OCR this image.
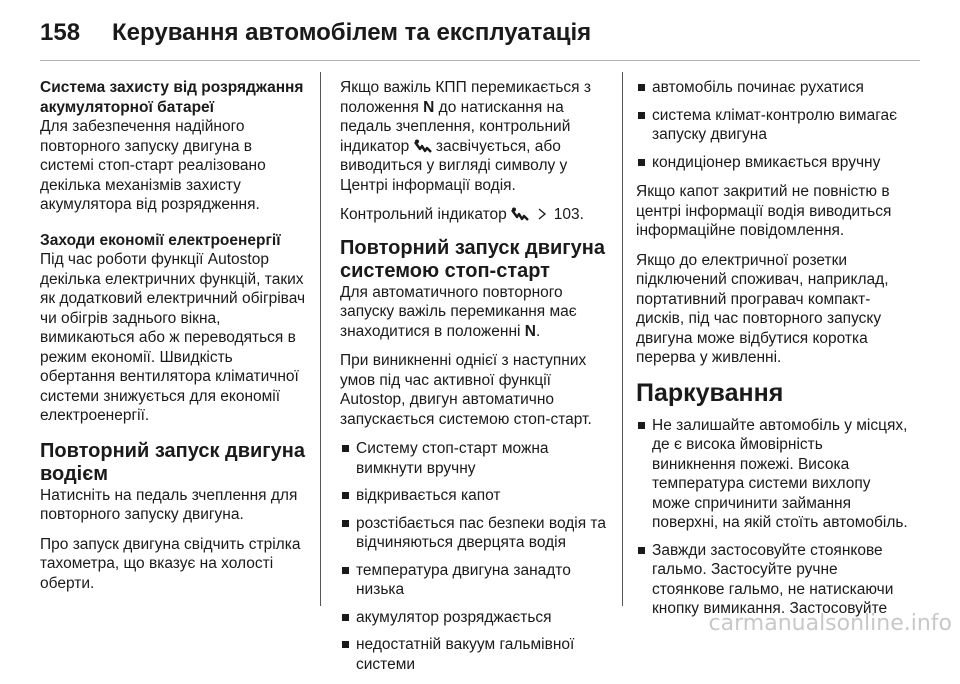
158	Керування автомобілем та експлуатація
Система захисту від розряджання
акумуляторної батареї

Для забезпечення надійного повторного запуску двигуна в системі стоп-старт реалізовано декілька механізмів захисту акумулятора від розрядження.

Заходи економії електроенергії

Під час роботи функції Autostop декілька електричних функцій, таких як додатковий електричний обігрівач чи обігрів заднього вікна, вимикаються або ж переводяться в режим економії. Швидкість обертання вентилятора кліматичної системи знижується для економії електроенергії.

Повторний запуск двигуна
водієм

Натисніть на педаль зчеплення для повторного запуску двигуна.

Про запуск двигуна свідчить стрілка тахометра, що вказує на холості оберти.

Якщо важіль КПП перемикається з положення N до натискання на педаль зчеплення, контрольний індикатор засвічується, або виводиться у вигляді символу у Центрі інформації водія.

Контрольний індикатор	103.

Повторний запуск двигуна
системою стоп-старт

Для автоматичного повторного запуску важіль перемикання має знаходитися в положенні N.

При виникненні однієї з наступних умов під час активної функції Autostop, двигун автоматично запускається системою стоп-старт.

Систему стоп-старт можна вимкнути вручну
відкривається капот
розстібається пас безпеки водія та відчиняються дверцята водія
температура двигуна занадто низька
акумулятор розряджається
недостатній вакуум гальмівної системи
автомобіль починає рухатися
система клімат-контролю вимагає запуску двигуна
кондиціонер вмикається вручну

Якщо капот закритий не повністю в центрі інформації водія виводиться інформаційне повідомлення.

Якщо до електричної розетки підключений споживач, наприклад, портативний програвач компакт-дисків, під час повторного запуску двигуна може відбутися коротка перерва у живленні.

Паркування
Не залишайте автомобіль у місцях, де є висока ймовірність виникнення пожежі. Висока температура системи вихлопу може спричинити займання поверхні, на якій стоїть автомобіль.
Завжди застосовуйте стоянкове гальмо. Застосуйте ручне стоянкове гальмо, не натискаючи кнопку вимикання. Застосовуйте
carmanualsonline.info
